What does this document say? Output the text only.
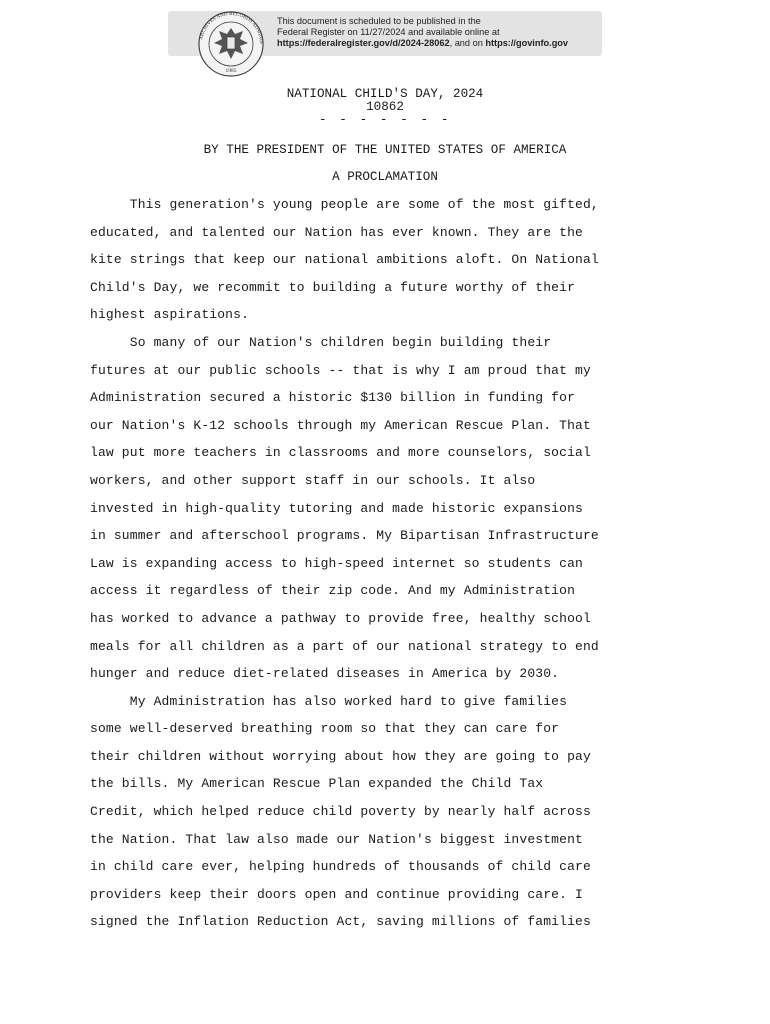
ARCHIVES AND RECORDS ADMINIS
1985
This document is scheduled to be published in the
Federal Register on 11/27/2024 and available online at
https://federalregister.gov/d/2024-28062, and on https://govinfo.gov
NATIONAL CHILD'S DAY, 2024
10862
- - - - - - -
BY THE PRESIDENT OF THE UNITED STATES OF AMERICA
A PROCLAMATION
This generation's young people are some of the most gifted,
educated, and talented our Nation has ever known. They are the
kite strings that keep our national ambitions aloft. On National
Child's Day, we recommit to building a future worthy of their
highest aspirations.
So many of our Nation's children begin building their
futures at our public schools -- that is why I am proud that my
Administration secured a historic $130 billion in funding for
our Nation's K-12 schools through my American Rescue Plan. That
law put more teachers in classrooms and more counselors, social
workers, and other support staff in our schools. It also
invested in high-quality tutoring and made historic expansions
in summer and afterschool programs. My Bipartisan Infrastructure
Law is expanding access to high-speed internet so students can
access it regardless of their zip code. And my Administration
has worked to advance a pathway to provide free, healthy school
meals for all children as a part of our national strategy to end
hunger and reduce diet-related diseases in America by 2030.
My Administration has also worked hard to give families
some well-deserved breathing room so that they can care for
their children without worrying about how they are going to pay
the bills. My American Rescue Plan expanded the Child Tax
Credit, which helped reduce child poverty by nearly half across
the Nation. That law also made our Nation's biggest investment
in child care ever, helping hundreds of thousands of child care
providers keep their doors open and continue providing care. I
signed the Inflation Reduction Act, saving millions of families
